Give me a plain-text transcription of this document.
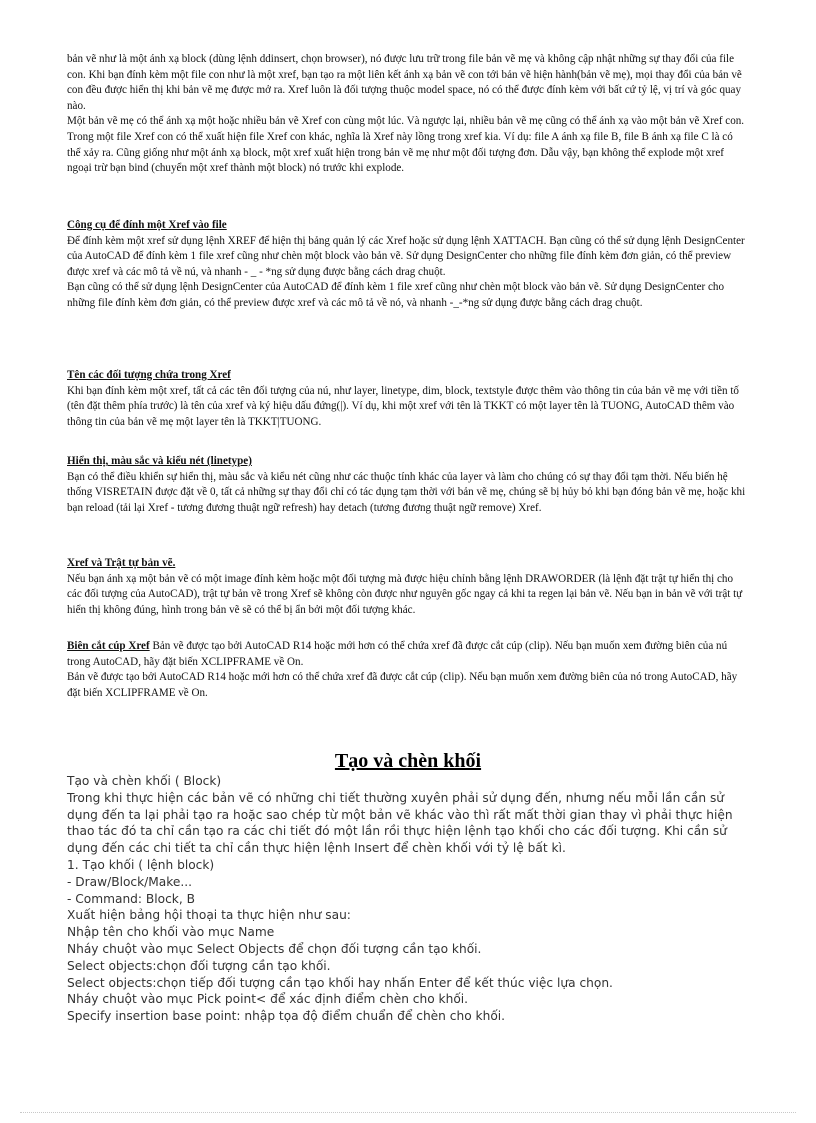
bản vẽ như là một ánh xạ block (dùng lệnh ddinsert, chọn browser), nó được lưu trữ trong file bản vẽ mẹ và không cập nhật những sự thay đổi của file con. Khi bạn đính kèm một file con như là một xref, bạn tạo ra một liên kết ánh xạ bản vẽ con tới bản vẽ hiện hành(bản vẽ mẹ), mọi thay đổi của bản vẽ con đều được hiển thị khi bản vẽ mẹ được mở ra. Xref luôn là đối tượng thuộc model space, nó có thể được đính kèm với bất cứ tỷ lệ, vị trí và góc quay nào.

Một bản vẽ mẹ có thể ánh xạ một hoặc nhiều bản vẽ Xref con cùng một lúc. Và ngược lại, nhiều bản vẽ mẹ cũng có thể ánh xạ vào một bản vẽ Xref con. Trong một file Xref con có thể xuất hiện file Xref con khác, nghĩa là Xref này lồng trong xref kia. Ví dụ: file A ánh xạ file B, file B ánh xạ file C là có thể xảy ra. Cũng giống như một ánh xạ block, một xref xuất hiện trong bản vẽ mẹ như một đối tượng đơn. Dẫu vậy, bạn không thể explode một xref ngoại trừ bạn bind (chuyển một xref thành một block) nó trước khi explode.

Công cụ để đính một Xref vào file

Để đính kèm một xref sử dụng lệnh XREF để hiện thị bảng quản lý các Xref hoặc sử dụng lệnh XATTACH. Bạn cũng có thể sử dụng lệnh DesignCenter của AutoCAD để đính kèm 1 file xref cũng như chèn một block vào bản vẽ. Sử dụng DesignCenter cho những file đính kèm đơn giản, có thể preview được xref và các mô tả về nú, và nhanh - _ - *ng sử dụng được bằng cách drag chuột.

Bạn cũng có thể sử dụng lệnh DesignCenter của AutoCAD để đính kèm 1 file xref cũng như chèn một block vào bản vẽ. Sử dụng DesignCenter cho những file đính kèm đơn giản, có thể preview được xref và các mô tả về nó, và nhanh -_-*ng sử dụng được bằng cách drag chuột.

Tên các đối tượng chứa trong Xref

Khi bạn đính kèm một xref, tất cả các tên đối tượng của nú, như layer, linetype, dim, block, textstyle được thêm vào thông tin của bản vẽ mẹ với tiền tố (tên đặt thêm phía trước) là tên của xref và ký hiệu dấu đứng(|). Ví dụ, khi một xref với tên là TKKT có một layer tên là TUONG, AutoCAD thêm vào thông tin của bản vẽ mẹ một layer tên là TKKT|TUONG.

Hiển thị, màu sắc và kiểu nét (linetype)

Bạn có thể điều khiển sự hiển thị, màu sắc và kiểu nét cũng như các thuộc tính khác của layer và làm cho chúng có sự thay đổi tạm thời. Nếu biến hệ thống VISRETAIN được đặt về 0, tất cả những sự thay đổi chỉ có tác dụng tạm thời với bản vẽ mẹ, chúng sẽ bị hủy bỏ khi bạn đóng bản vẽ mẹ, hoặc khi bạn reload (tải lại Xref - tương đương thuật ngữ refresh) hay detach (tương đương thuật ngữ remove) Xref.

Xref và Trật tự bản vẽ.

Nếu bạn ánh xạ một bản vẽ có một image đính kèm hoặc một đối tượng mà được hiệu chỉnh bằng lệnh DRAWORDER (là lệnh đặt trật tự hiển thị cho các đối tượng của AutoCAD), trật tự bản vẽ trong Xref sẽ không còn được như nguyên gốc ngay cả khi ta regen lại bản vẽ. Nếu bạn in bản vẽ với trật tự hiển thị không đúng, hình trong bản vẽ sẽ có thể bị ẩn bởi một đối tượng khác.

Biên cắt cúp Xref Bản vẽ được tạo bởi AutoCAD R14 hoặc mới hơn có thể chứa xref đã được cắt cúp (clip). Nếu bạn muốn xem đường biên của nú trong AutoCAD, hãy đặt biến XCLIPFRAME về On.

Bản vẽ được tạo bởi AutoCAD R14 hoặc mới hơn có thể chứa xref đã được cắt cúp (clip). Nếu bạn muốn xem đường biên của nó trong AutoCAD, hãy đặt biến XCLIPFRAME về On.

Tạo và chèn khối

Tạo và chèn khối ( Block)

Trong khi thực hiện các bản vẽ có những chi tiết thường xuyên phải sử dụng đến, nhưng nếu mỗi lần cần sử dụng đến ta lại phải tạo ra hoặc sao chép từ một bản vẽ khác vào thì rất mất thời gian thay vì phải thực hiện thao tác đó ta chỉ cần tạo ra các chi tiết đó một lần rồi thực hiện lệnh tạo khối cho các đối tượng. Khi cần sử dụng đến các chi tiết ta chỉ cần thực hiện lệnh Insert để chèn khối với tỷ lệ bất kì.

1. Tạo khối ( lệnh block)

- Draw/Block/Make...

- Command: Block, B

Xuất hiện bảng hội thoại ta thực hiện như sau:

Nhập tên cho khối vào mục Name

Nháy chuột vào mục Select Objects để chọn đối tượng cần tạo khối.

Select objects:chọn đối tượng cần tạo khối.

Select objects:chọn tiếp đối tượng cần tạo khối hay nhấn Enter để kết thúc việc lựa chọn.

Nháy chuột vào mục Pick point< để xác định điểm chèn cho khối.

Specify insertion base point: nhập tọa độ điểm chuẩn để chèn cho khối.
